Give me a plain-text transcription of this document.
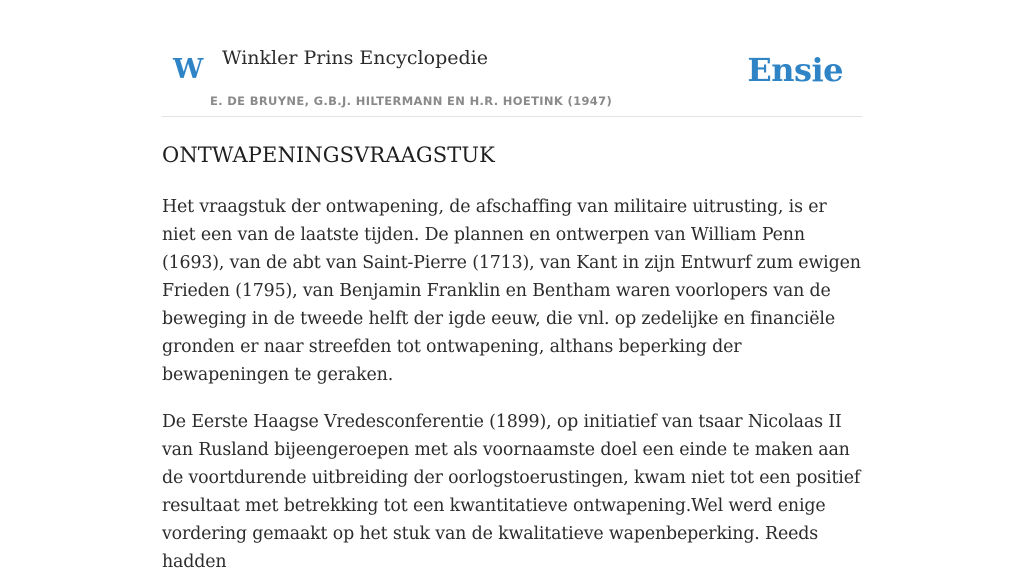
W Winkler Prins Encyclopedie
E. DE BRUYNE, G.B.J. HILTERMANN EN H.R. HOETINK (1947)
Ensie
ONTWAPENINGSVRAAGSTUK

Het vraagstuk der ontwapening, de afschaffing van militaire uitrusting, is er niet een van de laatste tijden. De plannen en ontwerpen van William Penn (1693), van de abt van Saint-Pierre (1713), van Kant in zijn Entwurf zum ewigen Frieden (1795), van Benjamin Franklin en Bentham waren voorlopers van de beweging in de tweede helft der igde eeuw, die vnl. op zedelijke en financiële gronden er naar streefden tot ontwapening, althans beperking der bewapeningen te geraken.

De Eerste Haagse Vredesconferentie (1899), op initiatief van tsaar Nicolaas II van Rusland bijeengeroepen met als voornaamste doel een einde te maken aan de voortdurende uitbreiding der oorlogstoerustingen, kwam niet tot een positief resultaat met betrekking tot een kwantitatieve ontwapening.Wel werd enige vordering gemaakt op het stuk van de kwalitatieve wapenbeperking. Reeds hadden
